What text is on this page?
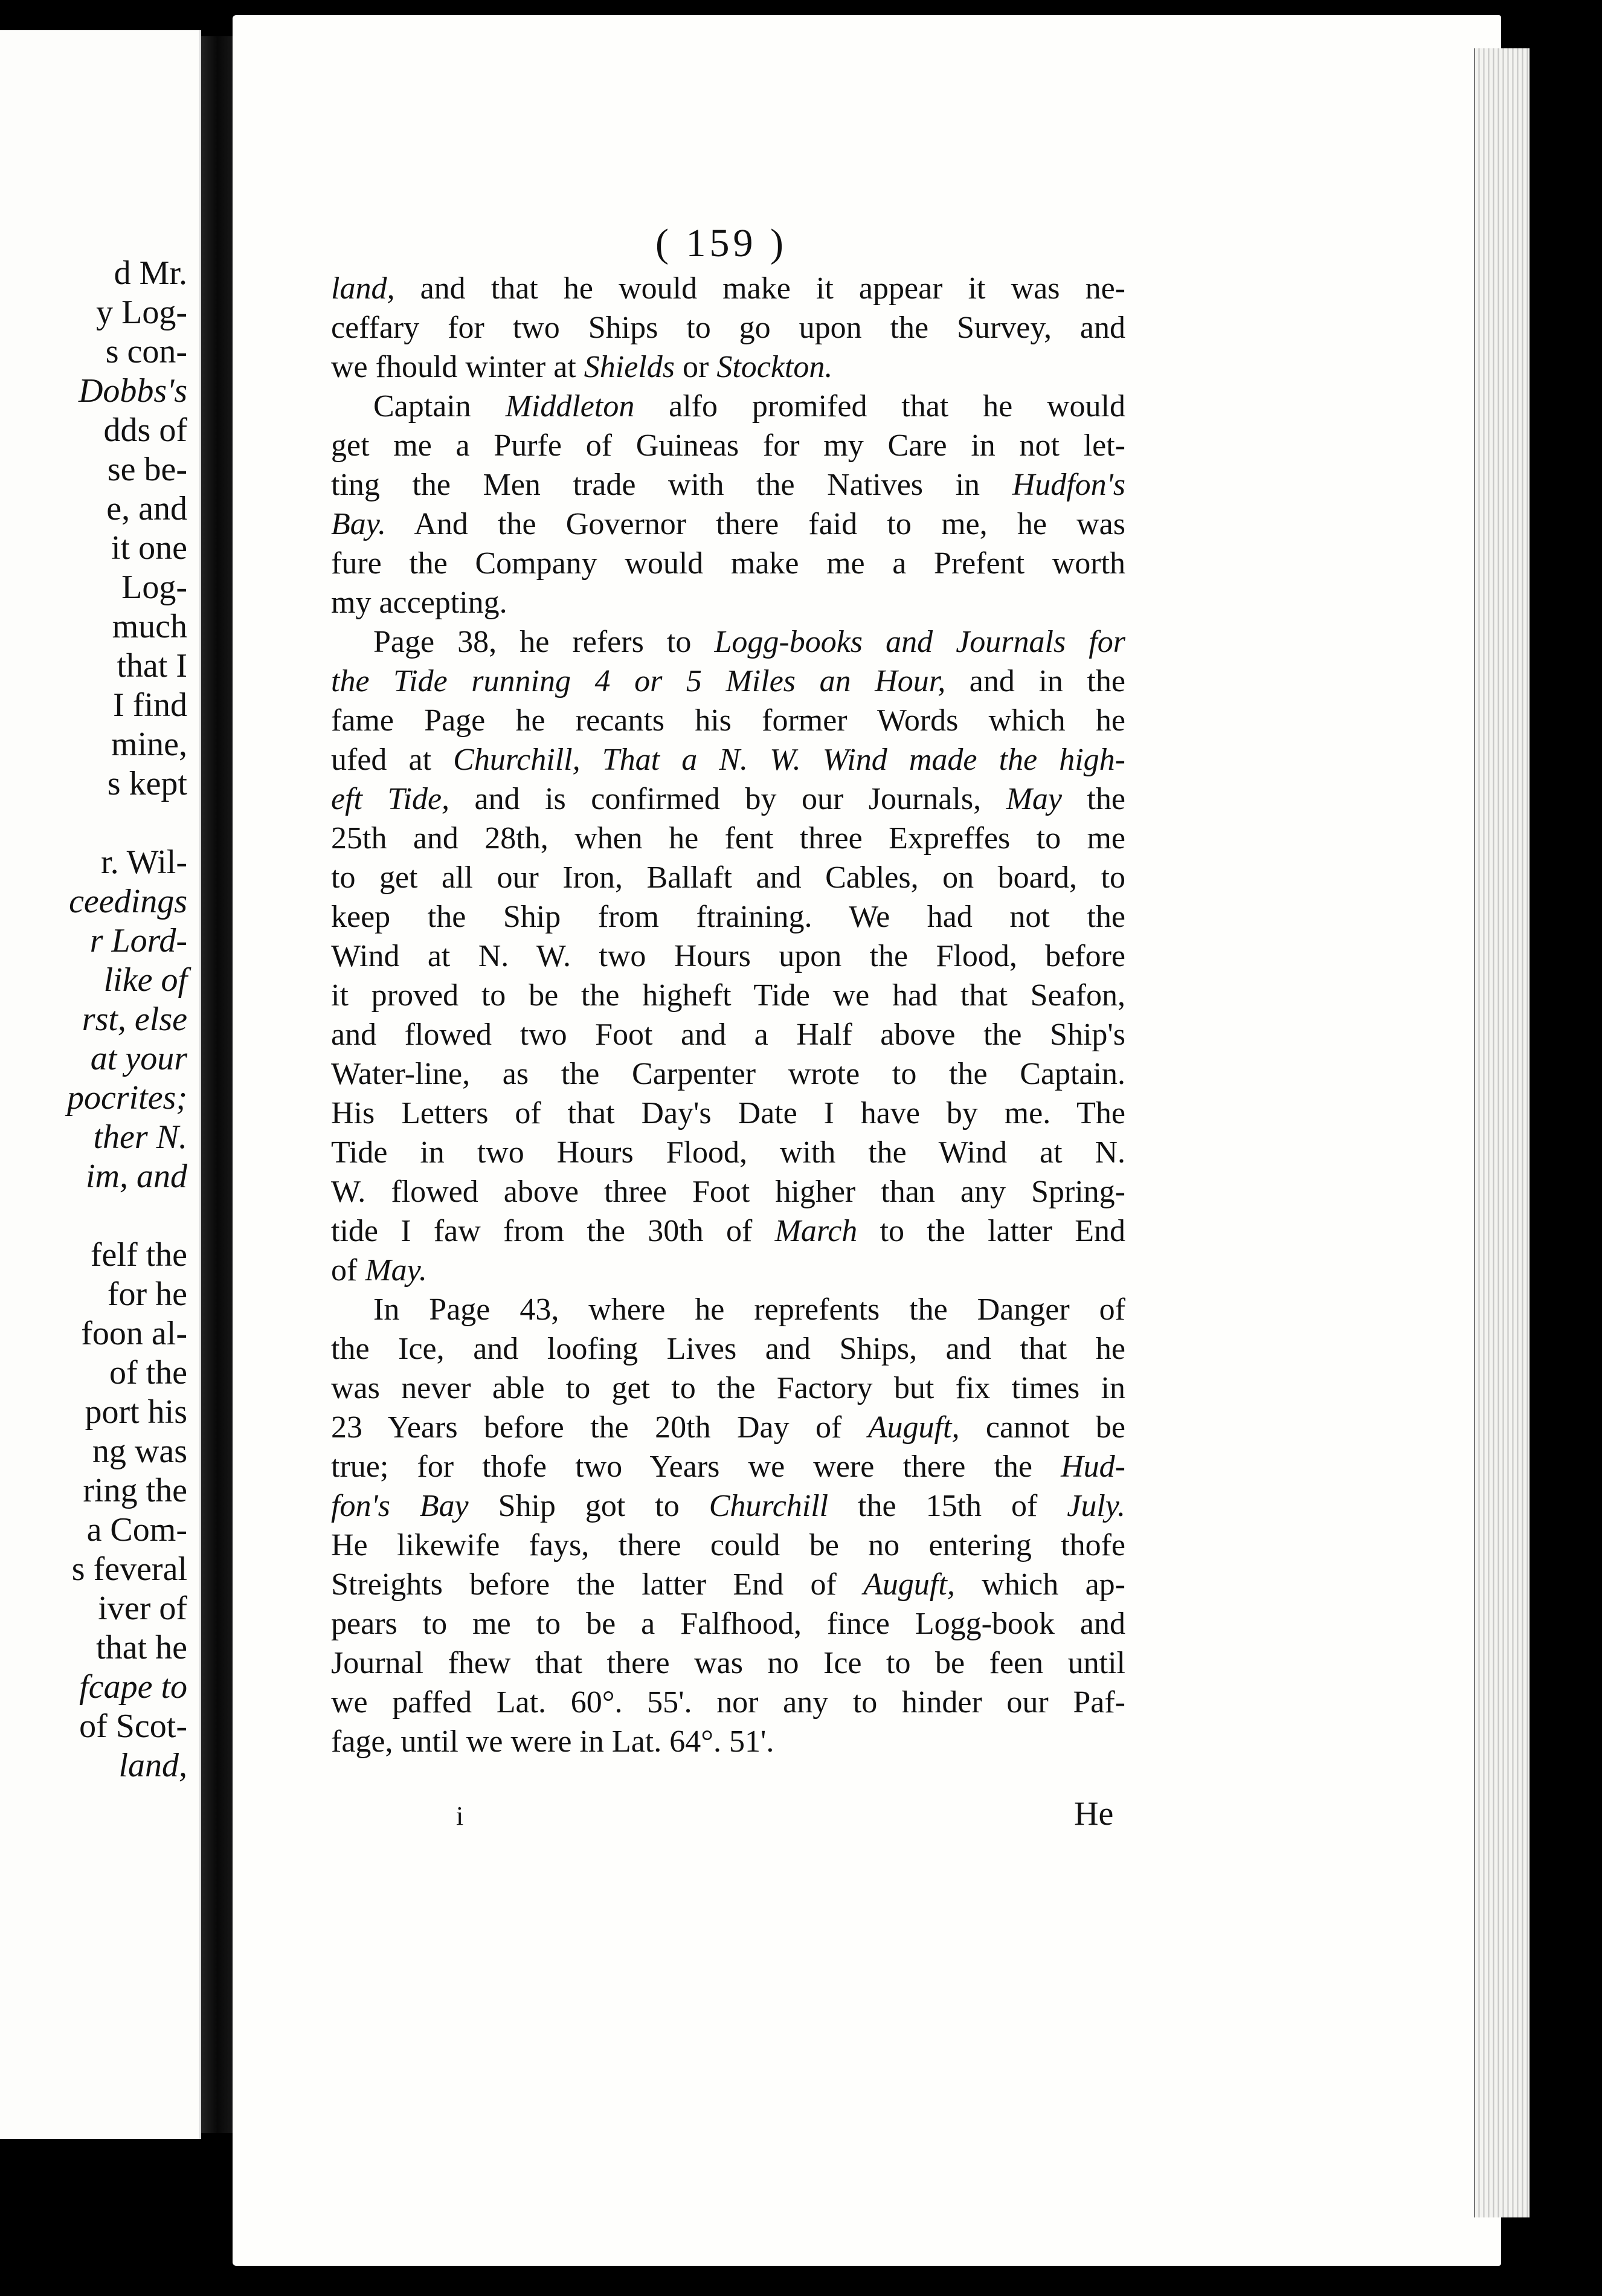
d Mr.
y Log-
s con-
Dobbs's
dds of
se be-
e, and
it one
Log-
much
that I
I find
mine,
s kept
r. Wil-
ceedings
r Lord-
like of
rst, else
at your
pocrites;
ther N.
im, and
felf the
for he
foon al-
of the
port his
ng was
ring the
a Com-
s feveral
iver of
that he
fcape to
of Scot-
land,
( 159 )
land, and that he would make it appear it was ne-
ceffary for two Ships to go upon the Survey, and
we fhould winter at Shields or Stockton.
Captain Middleton alfo promifed that he would
get me a Purfe of Guineas for my Care in not let-
ting the Men trade with the Natives in Hudfon's
Bay. And the Governor there faid to me, he was
fure the Company would make me a Prefent worth
my accepting.
Page 38, he refers to Logg-books and Journals for
the Tide running 4 or 5 Miles an Hour, and in the
fame Page he recants his former Words which he
ufed at Churchill, That a N. W. Wind made the high-
eft Tide, and is confirmed by our Journals, May the
25th and 28th, when he fent three Expreffes to me
to get all our Iron, Ballaft and Cables, on board, to
keep the Ship from ftraining. We had not the
Wind at N. W. two Hours upon the Flood, before
it proved to be the higheft Tide we had that Seafon,
and flowed two Foot and a Half above the Ship's
Water-line, as the Carpenter wrote to the Captain.
His Letters of that Day's Date I have by me. The
Tide in two Hours Flood, with the Wind at N.
W. flowed above three Foot higher than any Spring-
tide I faw from the 30th of March to the latter End
of May.
In Page 43, where he reprefents the Danger of
the Ice, and loofing Lives and Ships, and that he
was never able to get to the Factory but fix times in
23 Years before the 20th Day of Auguft, cannot be
true; for thofe two Years we were there the Hud-
fon's Bay Ship got to Churchill the 15th of July.
He likewife fays, there could be no entering thofe
Streights before the latter End of Auguft, which ap-
pears to me to be a Falfhood, fince Logg-book and
Journal fhew that there was no Ice to be feen until
we paffed Lat. 60°. 55'. nor any to hinder our Paf-
fage, until we were in Lat. 64°. 51'.
i	He
